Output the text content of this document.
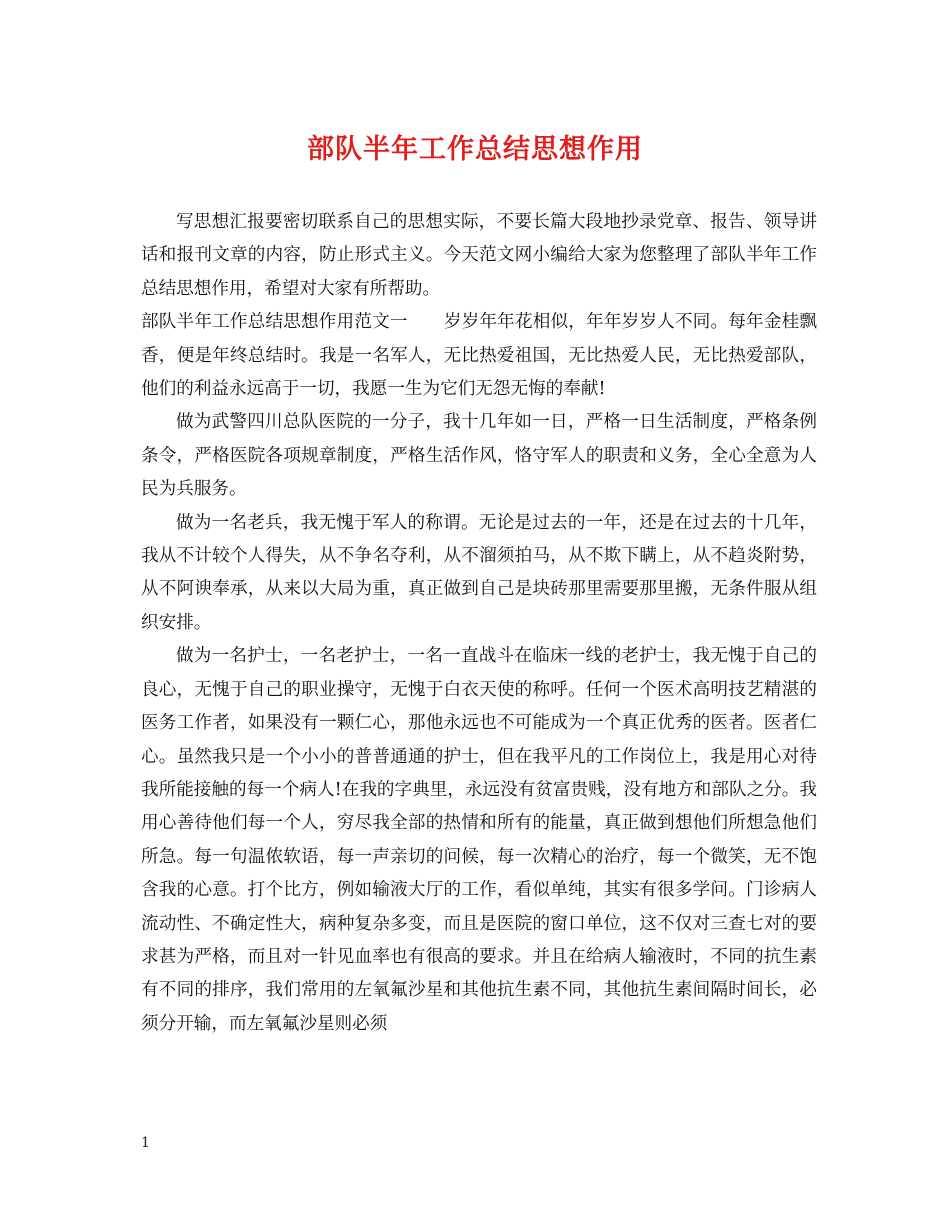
部队半年工作总结思想作用

写思想汇报要密切联系自己的思想实际，不要长篇大段地抄录党章、报告、领导讲话和报刊文章的内容，防止形式主义。今天范文网小编给大家为您整理了部队半年工作总结思想作用，希望对大家有所帮助。

部队半年工作总结思想作用范文一 岁岁年年花相似，年年岁岁人不同。每年金桂飘香，便是年终总结时。我是一名军人，无比热爱祖国，无比热爱人民，无比热爱部队，他们的利益永远高于一切，我愿一生为它们无怨无悔的奉献!

做为武警四川总队医院的一分子，我十几年如一日，严格一日生活制度，严格条例条令，严格医院各项规章制度，严格生活作风，恪守军人的职责和义务，全心全意为人民为兵服务。

做为一名老兵，我无愧于军人的称谓。无论是过去的一年，还是在过去的十几年，我从不计较个人得失，从不争名夺利，从不溜须拍马，从不欺下瞒上，从不趋炎附势，从不阿谀奉承，从来以大局为重，真正做到自己是块砖那里需要那里搬，无条件服从组织安排。

做为一名护士，一名老护士，一名一直战斗在临床一线的老护士，我无愧于自己的良心，无愧于自己的职业操守，无愧于白衣天使的称呼。任何一个医术高明技艺精湛的医务工作者，如果没有一颗仁心，那他永远也不可能成为一个真正优秀的医者。医者仁心。虽然我只是一个小小的普普通通的护士，但在我平凡的工作岗位上，我是用心对待我所能接触的每一个病人!在我的字典里，永远没有贫富贵贱，没有地方和部队之分。我用心善待他们每一个人，穷尽我全部的热情和所有的能量，真正做到想他们所想急他们所急。每一句温侬软语，每一声亲切的问候，每一次精心的治疗，每一个微笑，无不饱含我的心意。打个比方，例如输液大厅的工作，看似单纯，其实有很多学问。门诊病人流动性、不确定性大，病种复杂多变，而且是医院的窗口单位，这不仅对三查七对的要求甚为严格，而且对一针见血率也有很高的要求。并且在给病人输液时，不同的抗生素有不同的排序，我们常用的左氧氟沙星和其他抗生素不同，其他抗生素间隔时间长，必须分开输，而左氧氟沙星则必须

1
